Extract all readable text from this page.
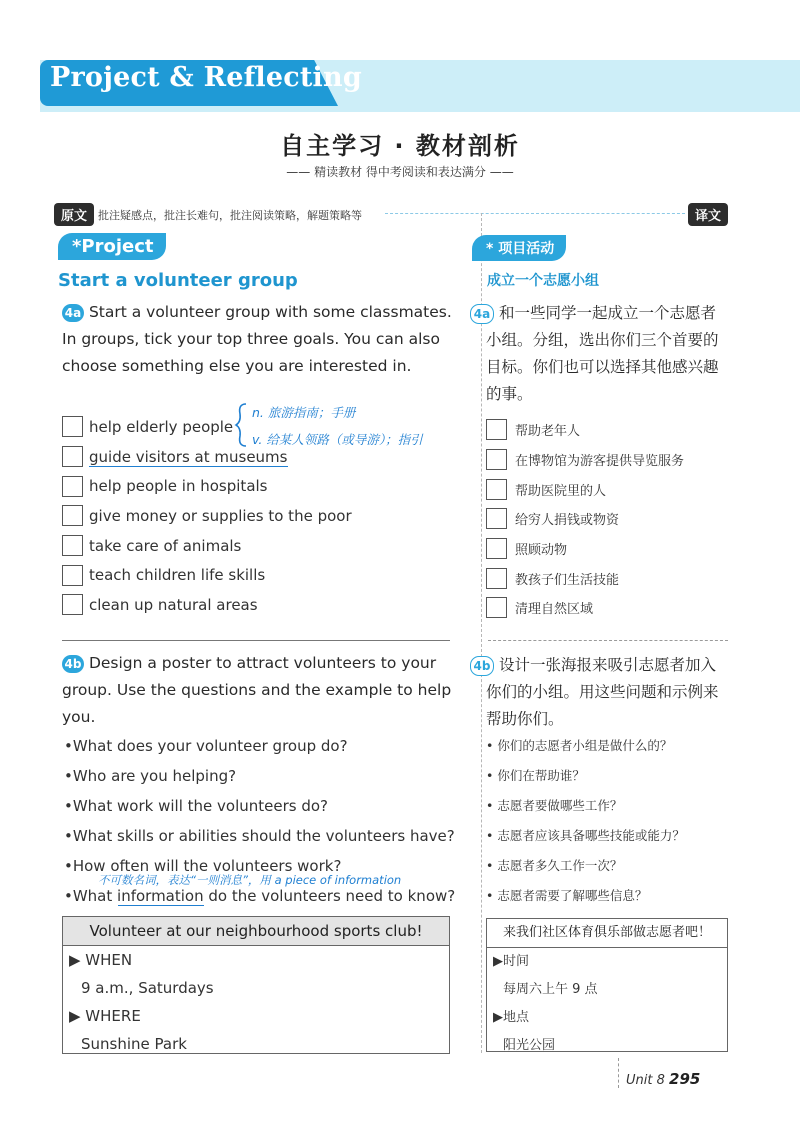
Project & Reflecting
自主学习 · 教材剖析
—— 精读教材 得中考阅读和表达满分 ——
原文 批注疑感点，批注长难句，批注阅读策略，解题策略等	译文
*Project
Start a volunteer group
4a Start a volunteer group with some classmates.
In groups, tick your top three goals. You can also
choose something else you are interested in.
help elderly people
guide visitors at museums
help people in hospitals
give money or supplies to the poor
take care of animals
teach children life skills
clean up natural areas
n. 旅游指南；手册
v. 给某人领路（或导游）；指引
4b Design a poster to attract volunteers to your
group. Use the questions and the example to help
you.
•What does your volunteer group do?
•Who are you helping?
•What work will the volunteers do?
•What skills or abilities should the volunteers have?
•How often will the volunteers work?
•What information do the volunteers need to know?
不可数名词，表达“一则消息”，用 a piece of information
Volunteer at our neighbourhood sports club!
▶ WHEN
9 a.m., Saturdays
▶ WHERE
Sunshine Park
* 项目活动
成立一个志愿小组
4a 和一些同学一起成立一个志愿者
小组。分组，选出你们三个首要的
目标。你们也可以选择其他感兴趣
的事。
帮助老年人
在博物馆为游客提供导览服务
帮助医院里的人
给穷人捐钱或物资
照顾动物
教孩子们生活技能
清理自然区域
4b 设计一张海报来吸引志愿者加入
你们的小组。用这些问题和示例来
帮助你们。
• 你们的志愿者小组是做什么的？
• 你们在帮助谁？
• 志愿者要做哪些工作？
• 志愿者应该具备哪些技能或能力？
• 志愿者多久工作一次？
• 志愿者需要了解哪些信息？
来我们社区体育俱乐部做志愿者吧！
▶时间
每周六上午 9 点
▶地点
阳光公园
Unit 8 295
